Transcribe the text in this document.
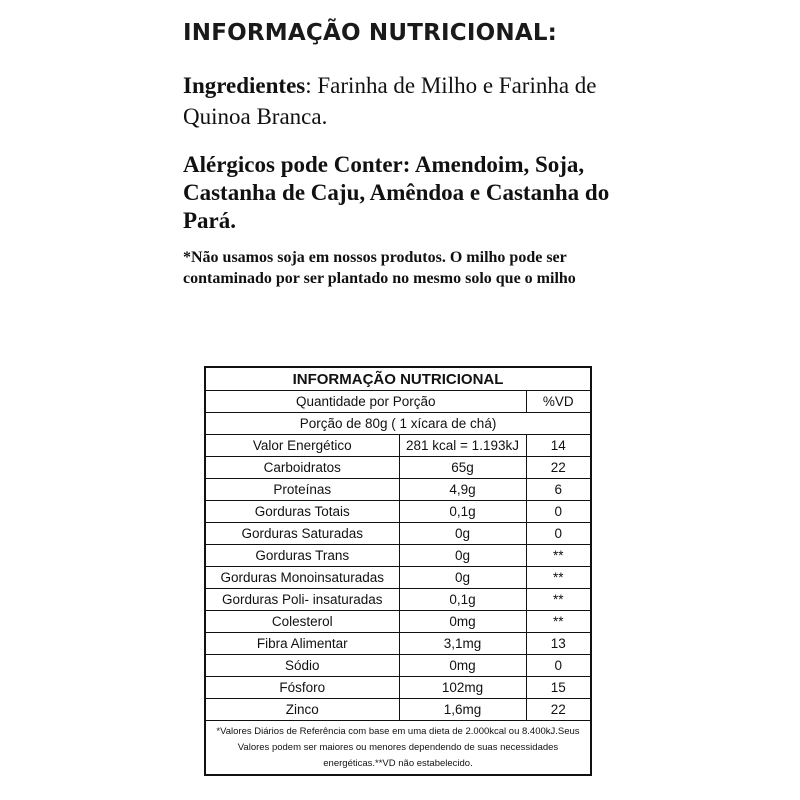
INFORMAÇÃO NUTRICIONAL:
Ingredientes: Farinha de Milho e Farinha de Quinoa Branca.
Alérgicos pode Conter: Amendoim, Soja, Castanha de Caju, Amêndoa e Castanha do Pará.
*Não usamos soja em nossos produtos. O milho pode ser contaminado por ser plantado no mesmo solo que o milho
INFORMAÇÃO NUTRICIONAL		
Quantidade por Porção		%VD
Porção de 80g ( 1 xícara de chá)		
Valor Energético	281 kcal = 1.193kJ	14
Carboidratos	65g	22
Proteínas	4,9g	6
Gorduras Totais	0,1g	0
Gorduras Saturadas	0g	0
Gorduras Trans	0g	**
Gorduras Monoinsaturadas	0g	**
Gorduras Poli- insaturadas	0,1g	**
Colesterol	0mg	**
Fibra Alimentar	3,1mg	13
Sódio	0mg	0
Fósforo	102mg	15
Zinco	1,6mg	22
*Valores Diários de Referência com base em uma dieta de 2.000kcal ou 8.400kJ.Seus Valores podem ser maiores ou menores dependendo de suas necessidades energéticas.**VD não estabelecido.
